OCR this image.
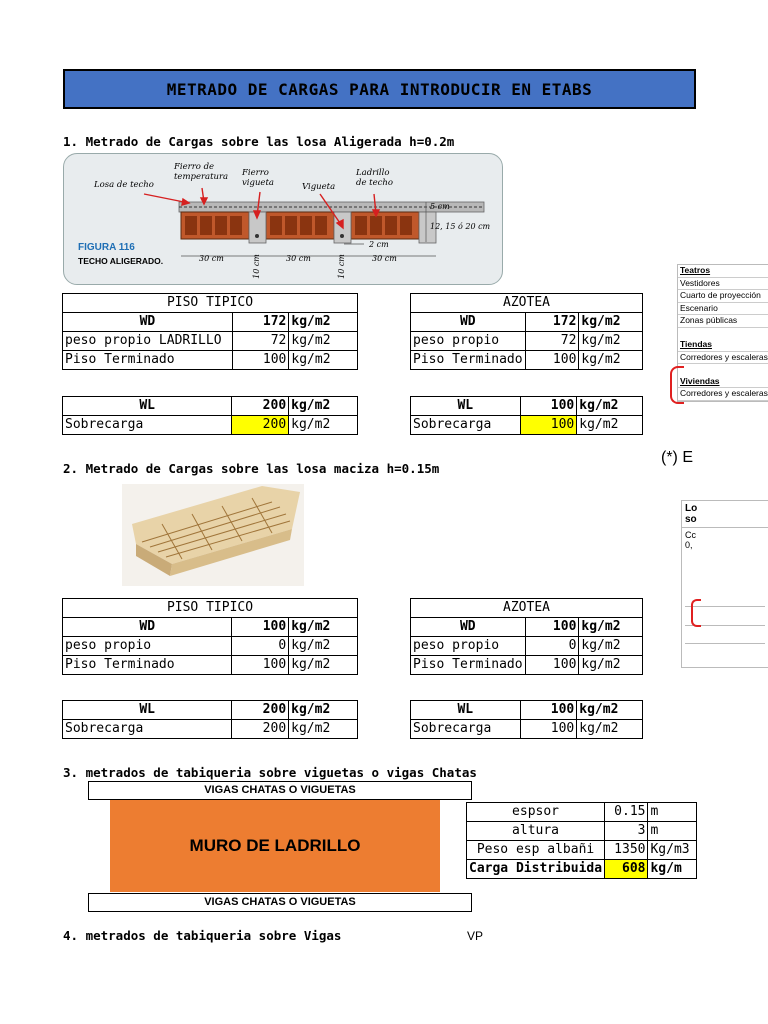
METRADO DE CARGAS PARA INTRODUCIR EN ETABS
1. Metrado de Cargas sobre las losa Aligerada h=0.2m
Losa de techo
Fierro de temperatura	Fierro vigueta	Vigueta
Ladrillo de techo
5 cm
12, 15 ó 20 cm
2 cm
30 cm	10 cm	30 cm	10 cm	30 cm
FIGURA 116
TECHO ALIGERADO.
PISO TIPICO		
WD	172	kg/m2
peso propio LADRILLO	72	kg/m2
Piso Terminado	100	kg/m2
WL	200	kg/m2
Sobrecarga	200	kg/m2
AZOTEA		
WD	172	kg/m2
peso propio	72	kg/m2
Piso Terminado	100	kg/m2
WL	100	kg/m2
Sobrecarga	100	kg/m2
Teatros
Vestidores
Cuarto de proyección
Escenario
Zonas públicas
Tiendas
Corredores y escaleras
Viviendas
Corredores y escaleras
(*) E
Lo
so
Cc
0,
2. Metrado de Cargas sobre las losa maciza h=0.15m
PISO TIPICO		
WD	100	kg/m2
peso propio	0	kg/m2
Piso Terminado	100	kg/m2
WL	200	kg/m2
Sobrecarga	200	kg/m2
AZOTEA		
WD	100	kg/m2
peso propio	0	kg/m2
Piso Terminado	100	kg/m2
WL	100	kg/m2
Sobrecarga	100	kg/m2
3. metrados de tabiqueria sobre viguetas o vigas Chatas
VIGAS CHATAS O VIGUETAS
MURO DE LADRILLO
VIGAS CHATAS O VIGUETAS
espsor	0.15	m
altura	3	m
Peso esp albañi	1350	Kg/m3
Carga Distribuida	608	kg/m
4. metrados de tabiqueria sobre Vigas	VP
